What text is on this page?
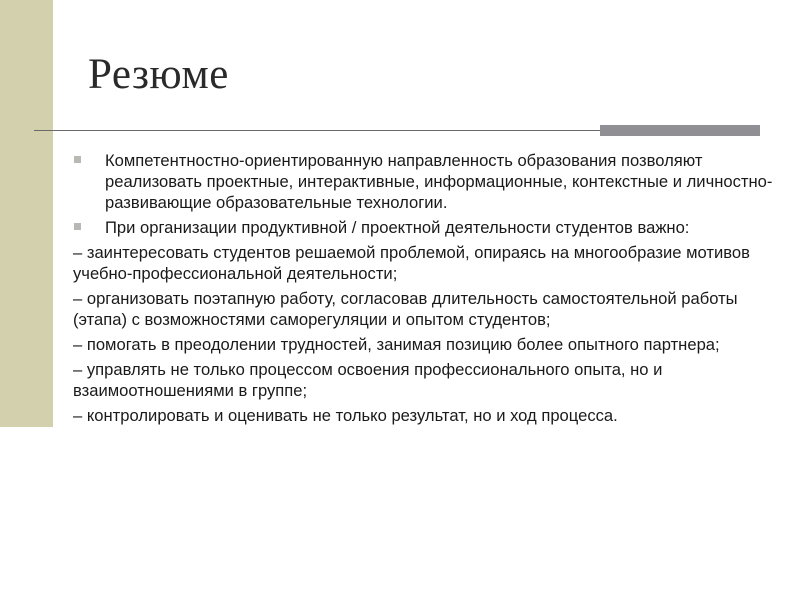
Резюме
Компетентностно-ориентированную направленность образования позволяют реализовать проектные, интерактивные, информационные, контекстные и личностно-развивающие образовательные технологии.
При организации продуктивной / проектной деятельности студентов важно:
– заинтересовать студентов решаемой проблемой, опираясь на многообразие мотивов учебно-профессиональной деятельности;
– организовать поэтапную работу, согласовав длительность самостоятельной работы (этапа) с возможностями саморегуляции и опытом студентов;
– помогать в преодолении трудностей, занимая позицию более опытного партнера;
– управлять не только процессом освоения профессионального опыта, но и взаимоотношениями в группе;
– контролировать и оценивать не только результат, но и ход процесса.
